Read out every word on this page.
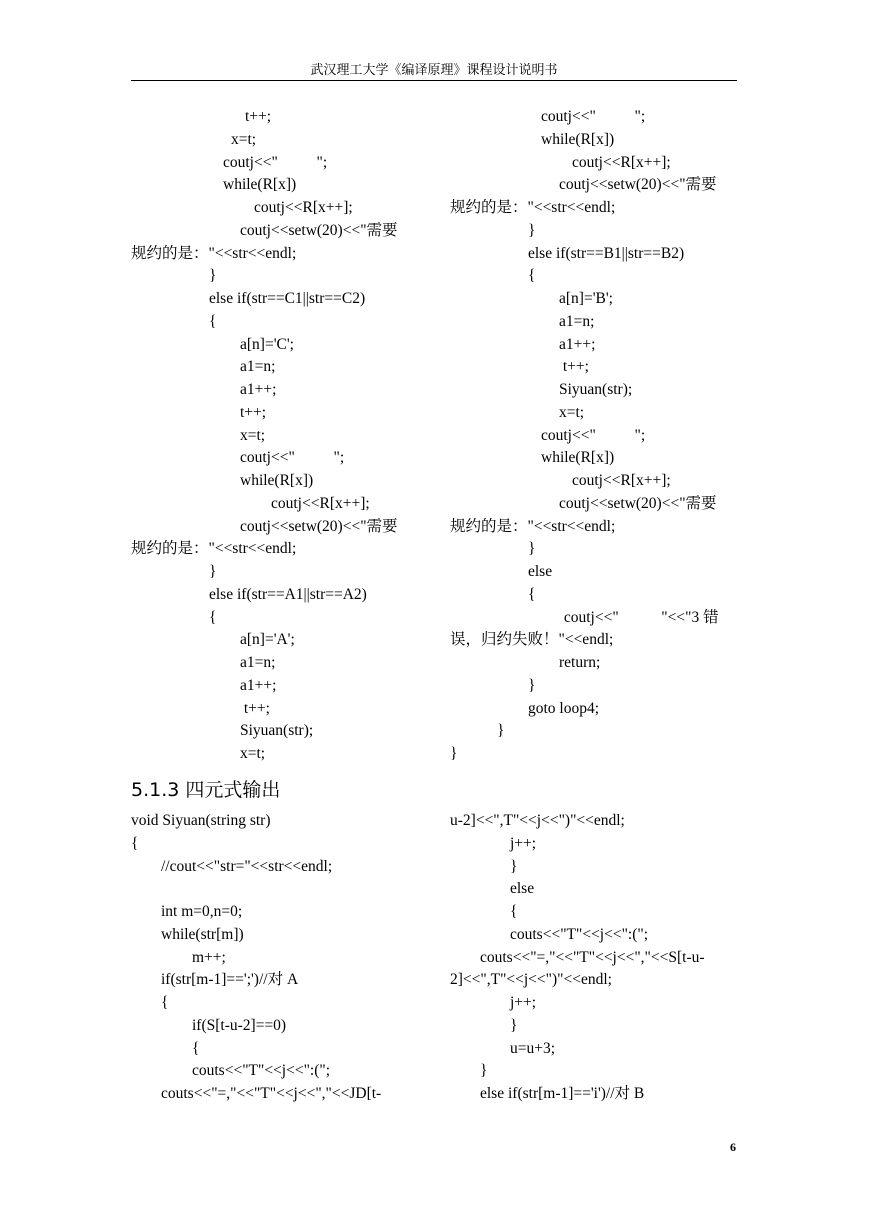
武汉理工大学《编译原理》课程设计说明书
t++;
x=t;
coutj<<"          ";
while(R[x])
coutj<<R[x++];
coutj<<setw(20)<<"需要
规约的是："<<str<<endl;
}
else if(str==C1||str==C2)
{
a[n]='C';
a1=n;
a1++;
t++;
x=t;
coutj<<"          ";
while(R[x])
coutj<<R[x++];
coutj<<setw(20)<<"需要
规约的是："<<str<<endl;
}
else if(str==A1||str==A2)
{
a[n]='A';
a1=n;
a1++;
t++;
Siyuan(str);
x=t;
coutj<<"          ";
while(R[x])
coutj<<R[x++];
coutj<<setw(20)<<"需要
规约的是："<<str<<endl;
}
else if(str==B1||str==B2)
{
a[n]='B';
a1=n;
a1++;
t++;
Siyuan(str);
x=t;
coutj<<"          ";
while(R[x])
coutj<<R[x++];
coutj<<setw(20)<<"需要
规约的是："<<str<<endl;
}
else
{
coutj<<"           "<<"3 错
误，归约失败！"<<endl;
return;
}
goto loop4;
}
}
5.1.3 四元式输出
void Siyuan(string str)
{
//cout<<"str="<<str<<endl;
int m=0,n=0;
while(str[m])
m++;
if(str[m-1]==';')//对 A
{
if(S[t-u-2]==0)
{
couts<<"T"<<j<<":(";
couts<<"=,"<<"T"<<j<<","<<JD[t-
u-2]<<",T"<<j<<")"<<endl;
j++;
}
else
{
couts<<"T"<<j<<":(";
couts<<"=,"<<"T"<<j<<","<<S[t-u-
2]<<",T"<<j<<")"<<endl;
j++;
}
u=u+3;
}
else if(str[m-1]=='i')//对 B
6
